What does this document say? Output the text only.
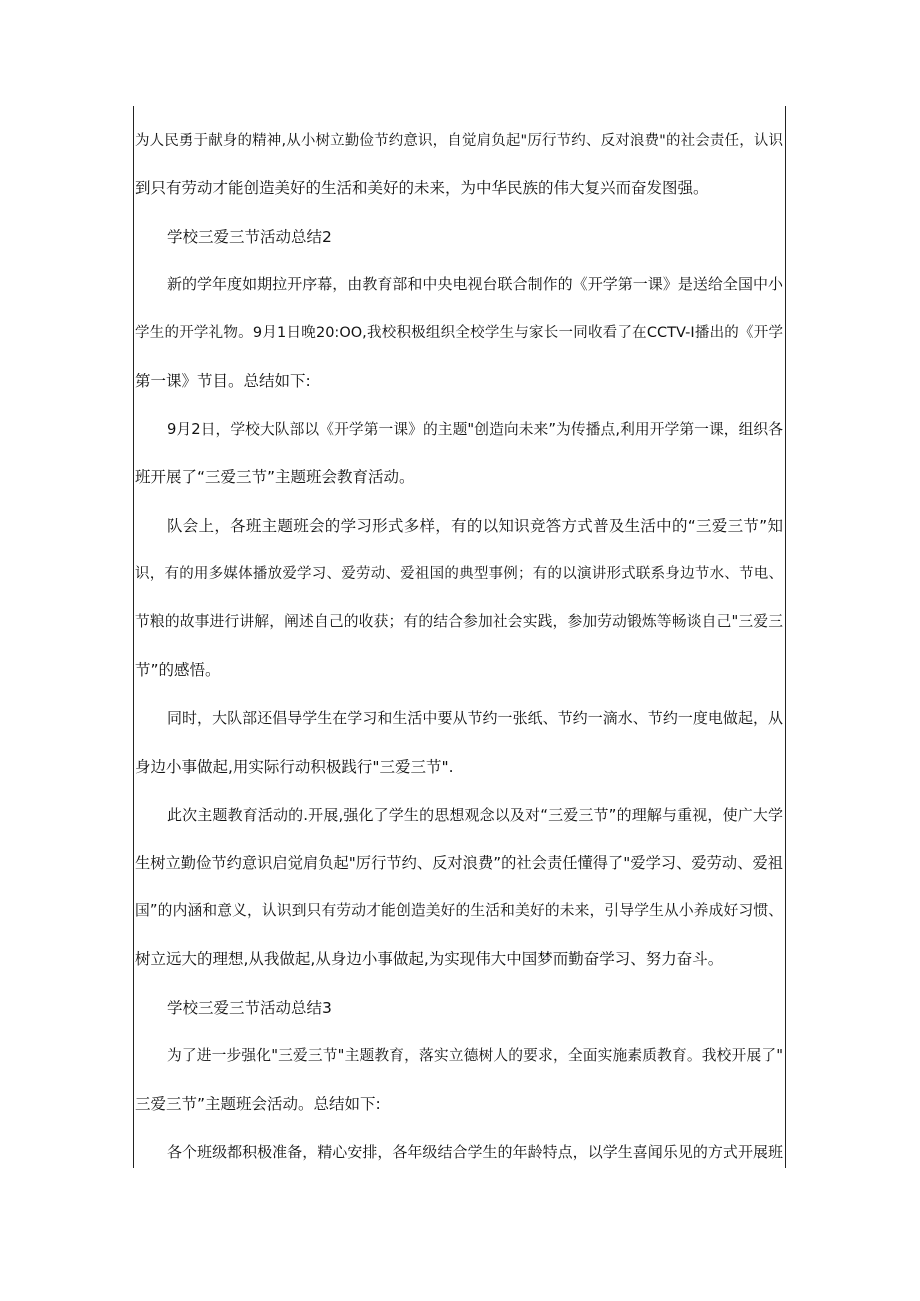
为人民勇于献身的精神,从小树立勤俭节约意识，自觉肩负起"厉行节约、反对浪费"的社会责任，认识
到只有劳动才能创造美好的生活和美好的未来，为中华民族的伟大复兴而奋发图强。
学校三爱三节活动总结2
新的学年度如期拉开序幕，由教育部和中央电视台联合制作的《开学第一课》是送给全国中小
学生的开学礼物。9月1日晚20:OO,我校积极组织全校学生与家长一同收看了在CCTV-I播出的《开学
第一课》节目。总结如下:
9月2日，学校大队部以《开学第一课》的主题"创造向未来”为传播点,利用开学第一课，组织各
班开展了“三爱三节”主题班会教育活动。
队会上，各班主题班会的学习形式多样，有的以知识竞答方式普及生活中的“三爱三节”知
识，有的用多媒体播放爱学习、爱劳动、爱祖国的典型事例；有的以演讲形式联系身边节水、节电、
节粮的故事进行讲解，阐述自己的收获；有的结合参加社会实践，参加劳动锻炼等畅谈自己"三爱三
节”的感悟。
同时，大队部还倡导学生在学习和生活中要从节约一张纸、节约一滴水、节约一度电做起，从
身边小事做起,用实际行动积极践行"三爱三节".
此次主题教育活动的.开展,强化了学生的思想观念以及对“三爱三节”的理解与重视，使广大学
生树立勤俭节约意识启觉肩负起"厉行节约、反对浪费”的社会责任懂得了"爱学习、爱劳动、爱祖
国”的内涵和意义，认识到只有劳动才能创造美好的生活和美好的未来，引导学生从小养成好习惯、
树立远大的理想,从我做起,从身边小事做起,为实现伟大中国梦而勤奋学习、努力奋斗。
学校三爱三节活动总结3
为了进一步强化"三爱三节"主题教育，落实立德树人的要求，全面实施素质教育。我校开展了"
三爱三节”主题班会活动。总结如下:
各个班级都积极准备，精心安排，各年级结合学生的年龄特点，以学生喜闻乐见的方式开展班
